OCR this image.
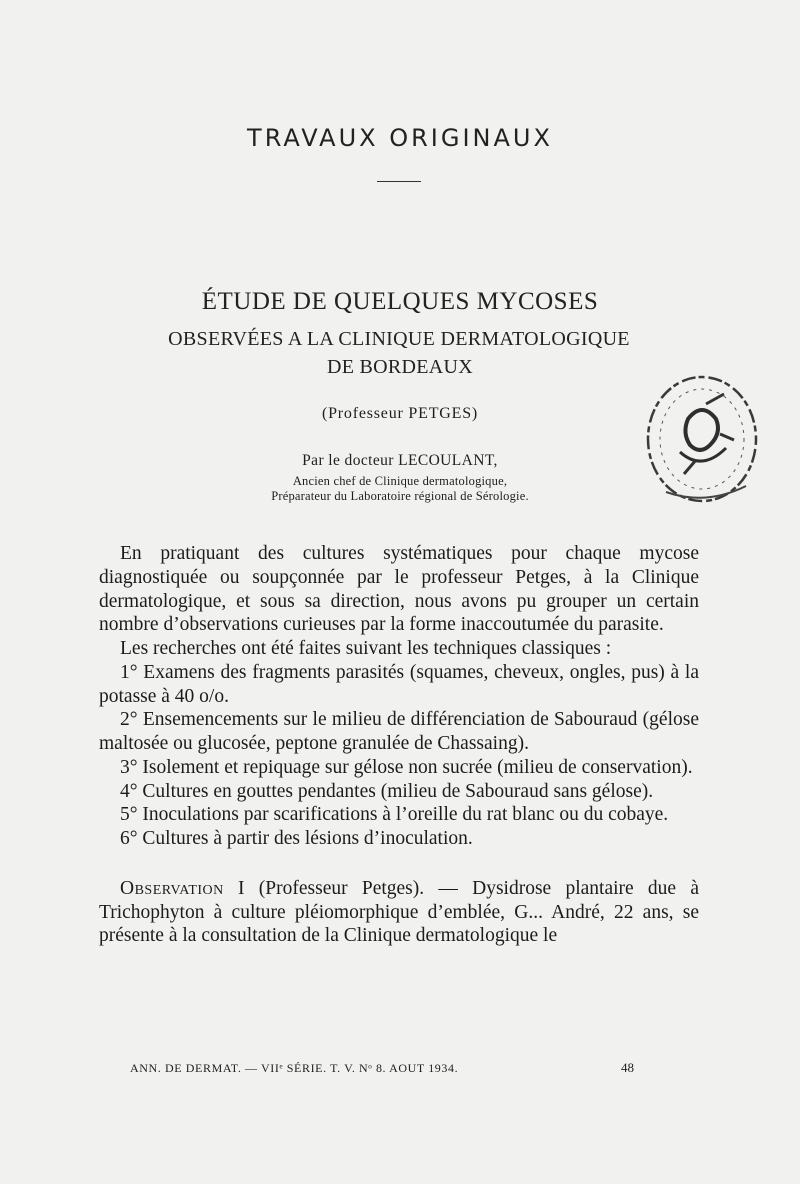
TRAVAUX ORIGINAUX
ÉTUDE DE QUELQUES MYCOSES
OBSERVÉES A LA CLINIQUE DERMATOLOGIQUE
DE BORDEAUX
(Professeur PETGES)
Par le docteur LECOULANT,
Ancien chef de Clinique dermatologique,
Préparateur du Laboratoire régional de Sérologie.

En pratiquant des cultures systématiques pour chaque mycose diagnostiquée ou soupçonnée par le professeur Petges, à la Clinique dermatologique, et sous sa direction, nous avons pu grouper un certain nombre d’observations curieuses par la forme inaccoutumée du parasite.

Les recherches ont été faites suivant les techniques classiques :

1° Examens des fragments parasités (squames, cheveux, ongles, pus) à la potasse à 40 o/o.

2° Ensemencements sur le milieu de différenciation de Sabouraud (gélose maltosée ou glucosée, peptone granulée de Chassaing).

3° Isolement et repiquage sur gélose non sucrée (milieu de conservation).

4° Cultures en gouttes pendantes (milieu de Sabouraud sans gélose).

5° Inoculations par scarifications à l’oreille du rat blanc ou du cobaye.

6° Cultures à partir des lésions d’inoculation.

Observation I (Professeur Petges). — Dysidrose plantaire due à Trichophyton à culture pléiomorphique d’emblée, G... André, 22 ans, se présente à la consultation de la Clinique dermatologique le

ANN. DE DERMAT. — VIIᵉ SÉRIE. T. V. Nᵒ 8. AOUT 1934.	48
